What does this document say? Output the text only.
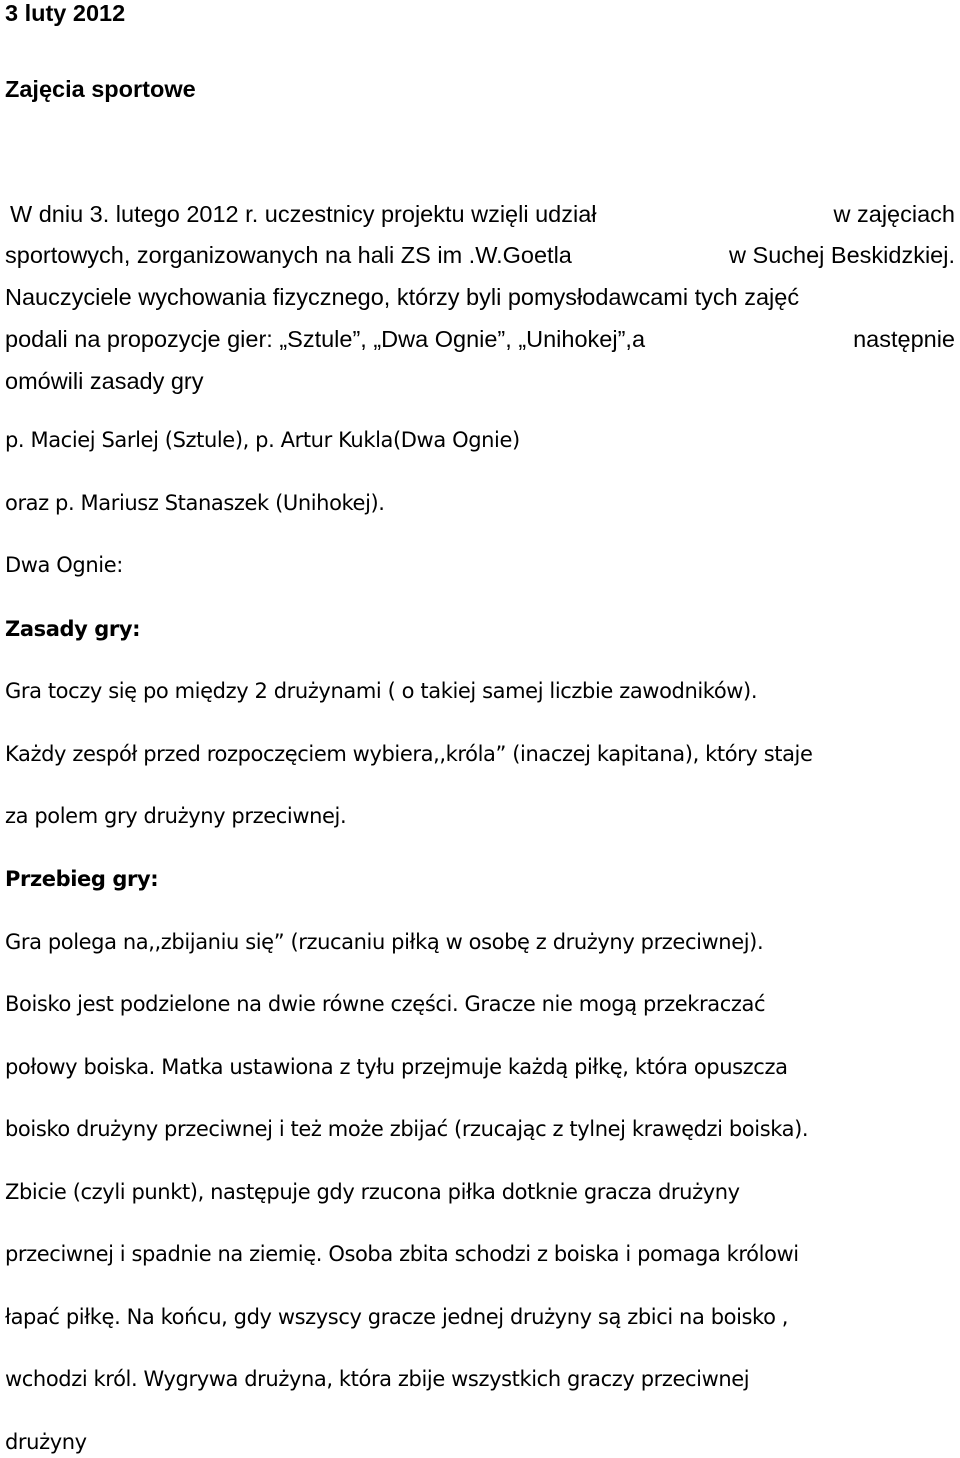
3 luty 2012
Zajęcia sportowe
W dniu 3. lutego 2012 r. uczestnicy projektu wzięli udział	w zajęciach
sportowych, zorganizowanych na hali ZS im .W.Goetla	w Suchej Beskidzkiej.
Nauczyciele wychowania fizycznego, którzy byli pomysłodawcami tych zajęć
podali na propozycje gier: „Sztule”, „Dwa Ognie”, „Unihokej”,a	następnie
omówili zasady gry
p. Maciej Sarlej (Sztule), p. Artur Kukla(Dwa Ognie)
oraz p. Mariusz Stanaszek (Unihokej).
Dwa Ognie:
Zasady gry:
Gra toczy się po między 2 drużynami ( o takiej samej liczbie zawodników).
Każdy zespół przed rozpoczęciem wybiera,,króla” (inaczej kapitana), który staje
za polem gry drużyny przeciwnej.
Przebieg gry:
Gra polega na,,zbijaniu się” (rzucaniu piłką w osobę z drużyny przeciwnej).
Boisko jest podzielone na dwie równe części. Gracze nie mogą przekraczać
połowy boiska. Matka ustawiona z tyłu przejmuje każdą piłkę, która opuszcza
boisko drużyny przeciwnej i też może zbijać (rzucając z tylnej krawędzi boiska).
Zbicie (czyli punkt), następuje gdy rzucona piłka dotknie gracza drużyny
przeciwnej i spadnie na ziemię. Osoba zbita schodzi z boiska i pomaga królowi
łapać piłkę. Na końcu, gdy wszyscy gracze jednej drużyny są zbici na boisko ,
wchodzi król. Wygrywa drużyna, która zbije wszystkich graczy przeciwnej
drużyny
